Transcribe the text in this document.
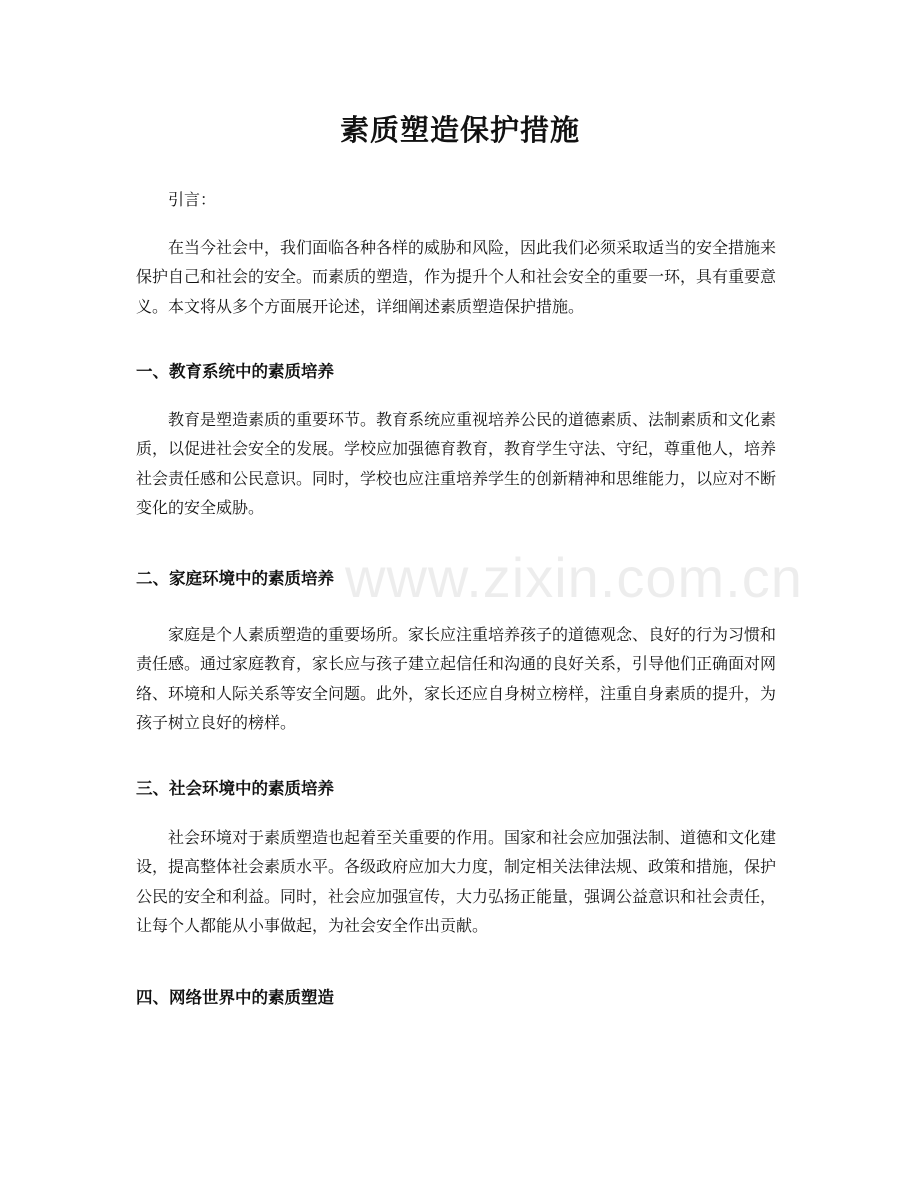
素质塑造保护措施
引言：
在当今社会中，我们面临各种各样的威胁和风险，因此我们必须采取适当的安全措施来保护自己和社会的安全。而素质的塑造，作为提升个人和社会安全的重要一环，具有重要意义。本文将从多个方面展开论述，详细阐述素质塑造保护措施。
一、教育系统中的素质培养
教育是塑造素质的重要环节。教育系统应重视培养公民的道德素质、法制素质和文化素质，以促进社会安全的发展。学校应加强德育教育，教育学生守法、守纪，尊重他人，培养社会责任感和公民意识。同时，学校也应注重培养学生的创新精神和思维能力，以应对不断变化的安全威胁。
二、家庭环境中的素质培养
家庭是个人素质塑造的重要场所。家长应注重培养孩子的道德观念、良好的行为习惯和责任感。通过家庭教育，家长应与孩子建立起信任和沟通的良好关系，引导他们正确面对网络、环境和人际关系等安全问题。此外，家长还应自身树立榜样，注重自身素质的提升，为孩子树立良好的榜样。
三、社会环境中的素质培养
社会环境对于素质塑造也起着至关重要的作用。国家和社会应加强法制、道德和文化建设，提高整体社会素质水平。各级政府应加大力度，制定相关法律法规、政策和措施，保护公民的安全和利益。同时，社会应加强宣传，大力弘扬正能量，强调公益意识和社会责任，让每个人都能从小事做起，为社会安全作出贡献。
四、网络世界中的素质塑造
www.zixin.com.cn
